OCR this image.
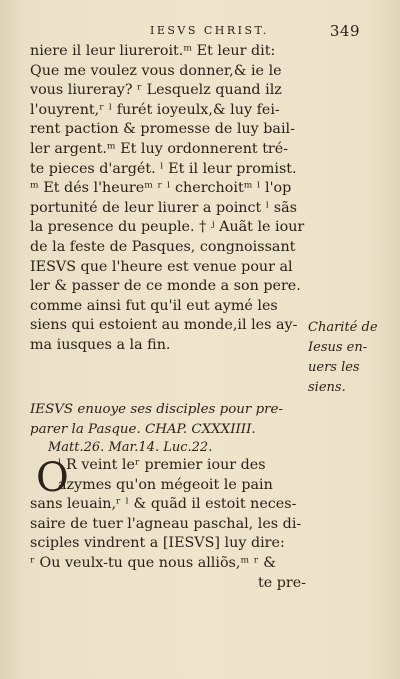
IESVS CHRIST.	349
niere il leur liureroit.ᵐ Et leur dit:
Que me voulez vous donner,& ie le
vous liureray? ʳ Lesquelz quand ilz
l'ouyrent,ʳ ˡ furét ioyeulx,& luy fei-
rent paction & promesse de luy bail-
ler argent.ᵐ Et luy ordonnerent tré-
te pieces d'argét. ˡ Et il leur promist.
ᵐ Et dés l'heureᵐ ʳ ˡ cherchoitᵐ ˡ l'op
portunité de leur liurer a poinct ˡ sãs
la presence du peuple. † ʲ Auãt le iour
de la feste de Pasques, congnoissant
IESVS que l'heure est venue pour al
ler & passer de ce monde a son pere.
comme ainsi fut qu'il eut aymé les
siens qui estoient au monde,il les ay-
ma iusques a la fin.
Charité de
Iesus en-
uers les
siens.
IESVS enuoye ses disciples pour pre-
parer la Pasque. CHAP. CXXXIIII.
Matt.26. Mar.14. Luc.22.
O
ˡ R veint leʳ premier iour des
azymes qu'on mégeoit le pain
sans leuain,ʳ ˡ & quãd il estoit neces-
saire de tuer l'agneau paschal, les di-
sciples vindrent a [IESVS] luy dire:
ʳ Ou veulx-tu que nous alliõs,ᵐ ʳ &
te pre-
